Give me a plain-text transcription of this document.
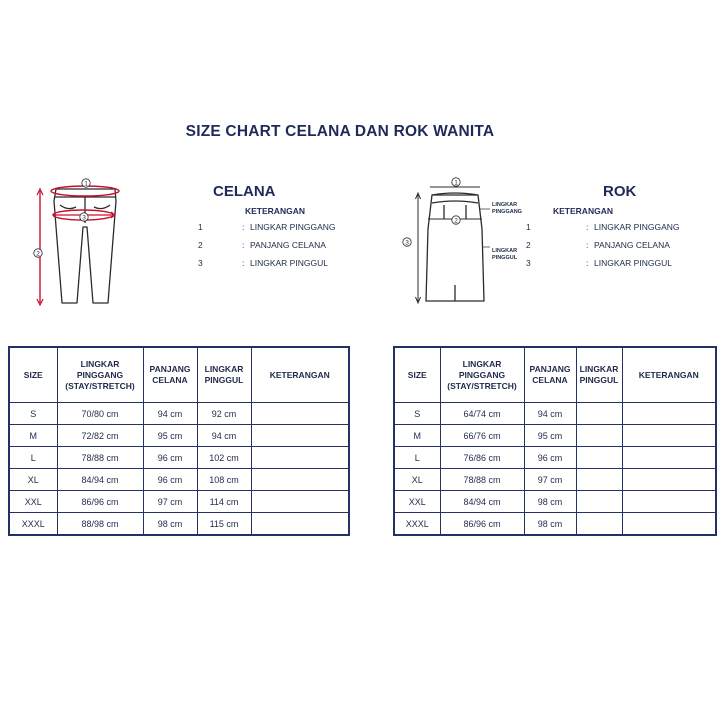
SIZE CHART CELANA DAN ROK WANITA
1
3
2
CELANA
KETERANGAN
1	: LINGKAR PINGGANG
2	: PANJANG CELANA
3	: LINGKAR PINGGUL
1
2
3
LINGKAR
PINGGANG
LINGKAR
PINGGUL
ROK
KETERANGAN
1	: LINGKAR PINGGANG
2	: PANJANG CELANA
3	: LINGKAR PINGGUL
SIZE	LINGKAR PINGGANG (STAY/STRETCH)	PANJANG CELANA	LINGKAR PINGGUL	KETERANGAN
S	70/80 cm	94 cm	92 cm	
M	72/82 cm	95 cm	94 cm	
L	78/88 cm	96 cm	102 cm	
XL	84/94 cm	96 cm	108 cm	
XXL	86/96 cm	97 cm	114 cm	
XXXL	88/98 cm	98 cm	115 cm	
SIZE	LINGKAR PINGGANG (STAY/STRETCH)	PANJANG CELANA	LINGKAR PINGGUL	KETERANGAN
S	64/74 cm	94 cm		
M	66/76 cm	95 cm		
L	76/86 cm	96 cm		
XL	78/88 cm	97 cm		
XXL	84/94 cm	98 cm		
XXXL	86/96 cm	98 cm		
